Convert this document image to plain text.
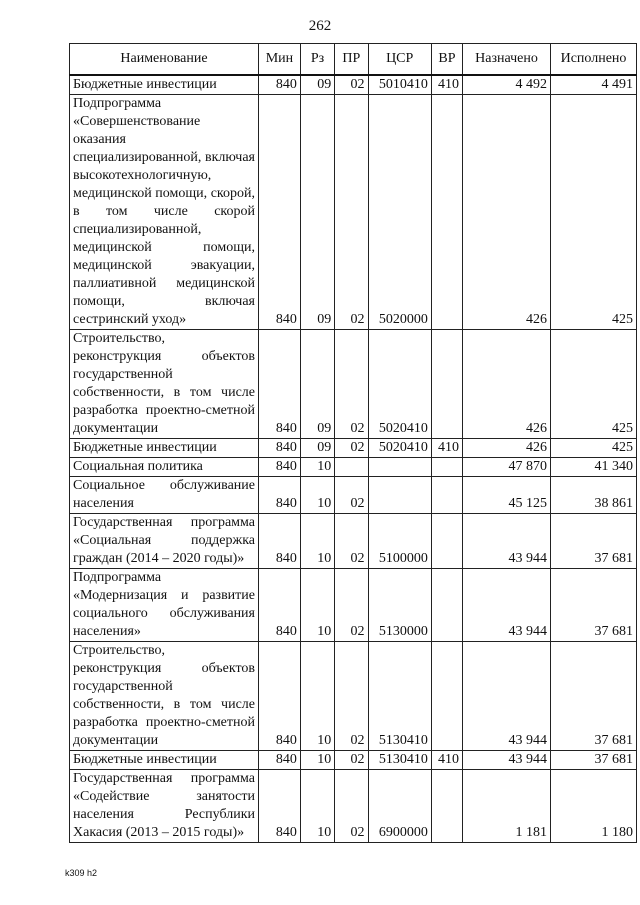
262
Наименование	Мин	Рз	ПР	ЦСР	ВР	Назначено	Исполнено
Бюджетные инвестиции	840	09	02	5010410	410	4 492	4 491
Подпрограмма «Совершенствование оказания специализированной, включая высокотехнологичную, медицинской помощи, скорой, в том числе скорой специализированной, медицинской помощи, медицинской эвакуации, паллиативной медицинской помощи, включая сестринский уход»	840	09	02	5020000		426	425
Строительство, реконструкция объектов государственной собственности, в том числе разработка проектно-сметной документации	840	09	02	5020410		426	425
Бюджетные инвестиции	840	09	02	5020410	410	426	425
Социальная политика	840	10				47 870	41 340
Социальное обслуживание населения	840	10	02			45 125	38 861
Государственная программа «Социальная поддержка граждан (2014 – 2020 годы)»	840	10	02	5100000		43 944	37 681
Подпрограмма «Модернизация и развитие социального обслуживания населения»	840	10	02	5130000		43 944	37 681
Строительство, реконструкция объектов государственной собственности, в том числе разработка проектно-сметной документации	840	10	02	5130410		43 944	37 681
Бюджетные инвестиции	840	10	02	5130410	410	43 944	37 681
Государственная программа «Содействие занятости населения Республики Хакасия (2013 – 2015 годы)»	840	10	02	6900000		1 181	1 180
k309 h2
